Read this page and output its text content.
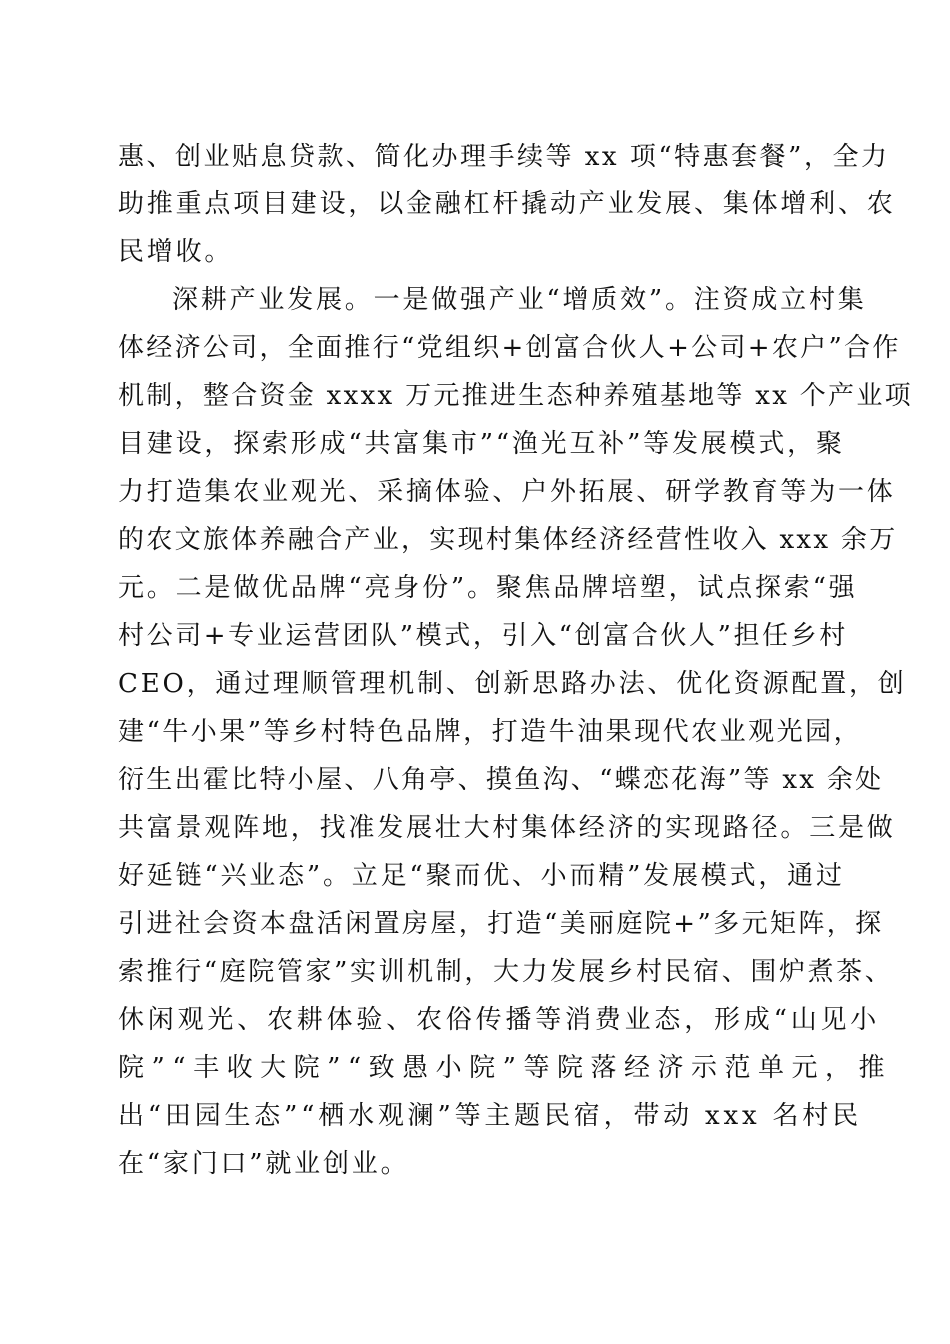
惠、创业贴息贷款、简化办理手续等 xx 项“特惠套餐”，全力
助推重点项目建设，以金融杠杆撬动产业发展、集体增利、农
民增收。
深耕产业发展。一是做强产业“增质效”。注资成立村集
体经济公司，全面推行“党组织+创富合伙人+公司+农户”合作
机制，整合资金 xxxx 万元推进生态种养殖基地等 xx 个产业项
目建设，探索形成“共富集市”“渔光互补”等发展模式，聚
力打造集农业观光、采摘体验、户外拓展、研学教育等为一体
的农文旅体养融合产业，实现村集体经济经营性收入 xxx 余万
元。二是做优品牌“亮身份”。聚焦品牌培塑，试点探索“强
村公司+专业运营团队”模式，引入“创富合伙人”担任乡村
CEO，通过理顺管理机制、创新思路办法、优化资源配置，创
建“牛小果”等乡村特色品牌，打造牛油果现代农业观光园，
衍生出霍比特小屋、八角亭、摸鱼沟、“蝶恋花海”等 xx 余处
共富景观阵地，找准发展壮大村集体经济的实现路径。三是做
好延链“兴业态”。立足“聚而优、小而精”发展模式，通过
引进社会资本盘活闲置房屋，打造“美丽庭院+”多元矩阵，探
索推行“庭院管家”实训机制，大力发展乡村民宿、围炉煮茶、
休闲观光、农耕体验、农俗传播等消费业态，形成“山见小
院”“丰收大院”“致愚小院”等院落经济示范单元，推
出“田园生态”“栖水观澜”等主题民宿，带动 xxx 名村民
在“家门口”就业创业。
